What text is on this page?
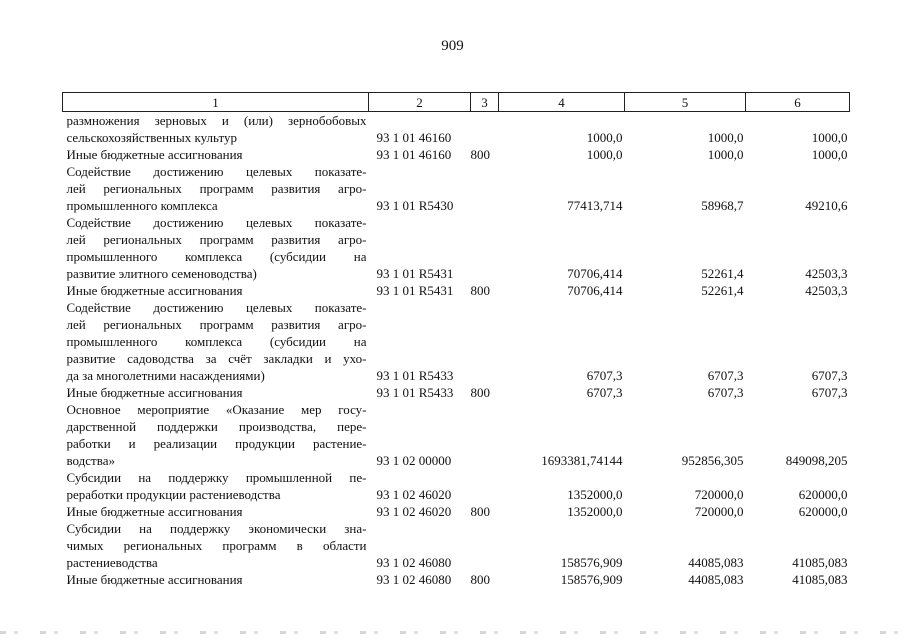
909
1	2	3	4	5	6

размножения зерновых и (или) зернобобовых
сельскохозяйственных культур	93 1 01 46160		1000,0	1000,0	1000,0

Иные бюджетные ассигнования	93 1 01 46160	800	1000,0	1000,0	1000,0

Содействие достижению целевых показате-
лей региональных программ развития агро-
промышленного комплекса	93 1 01 R5430		77413,714	58968,7	49210,6

Содействие достижению целевых показате-
лей региональных программ развития агро-
промышленного комплекса (субсидии на
развитие элитного семеноводства)	93 1 01 R5431		70706,414	52261,4	42503,3

Иные бюджетные ассигнования	93 1 01 R5431	800	70706,414	52261,4	42503,3

Содействие достижению целевых показате-
лей региональных программ развития агро-
промышленного комплекса (субсидии на
развитие садоводства за счёт закладки и ухо-
да за многолетними насаждениями)	93 1 01 R5433		6707,3	6707,3	6707,3

Иные бюджетные ассигнования	93 1 01 R5433	800	6707,3	6707,3	6707,3

Основное мероприятие «Оказание мер госу-
дарственной поддержки производства, пере-
работки и реализации продукции растение-
водства»	93 1 02 00000		1693381,74144	952856,305	849098,205

Субсидии на поддержку промышленной пе-
реработки продукции растениеводства	93 1 02 46020		1352000,0	720000,0	620000,0

Иные бюджетные ассигнования	93 1 02 46020	800	1352000,0	720000,0	620000,0

Субсидии на поддержку экономически зна-
чимых региональных программ в области
растениеводства	93 1 02 46080		158576,909	44085,083	41085,083

Иные бюджетные ассигнования	93 1 02 46080	800	158576,909	44085,083	41085,083
